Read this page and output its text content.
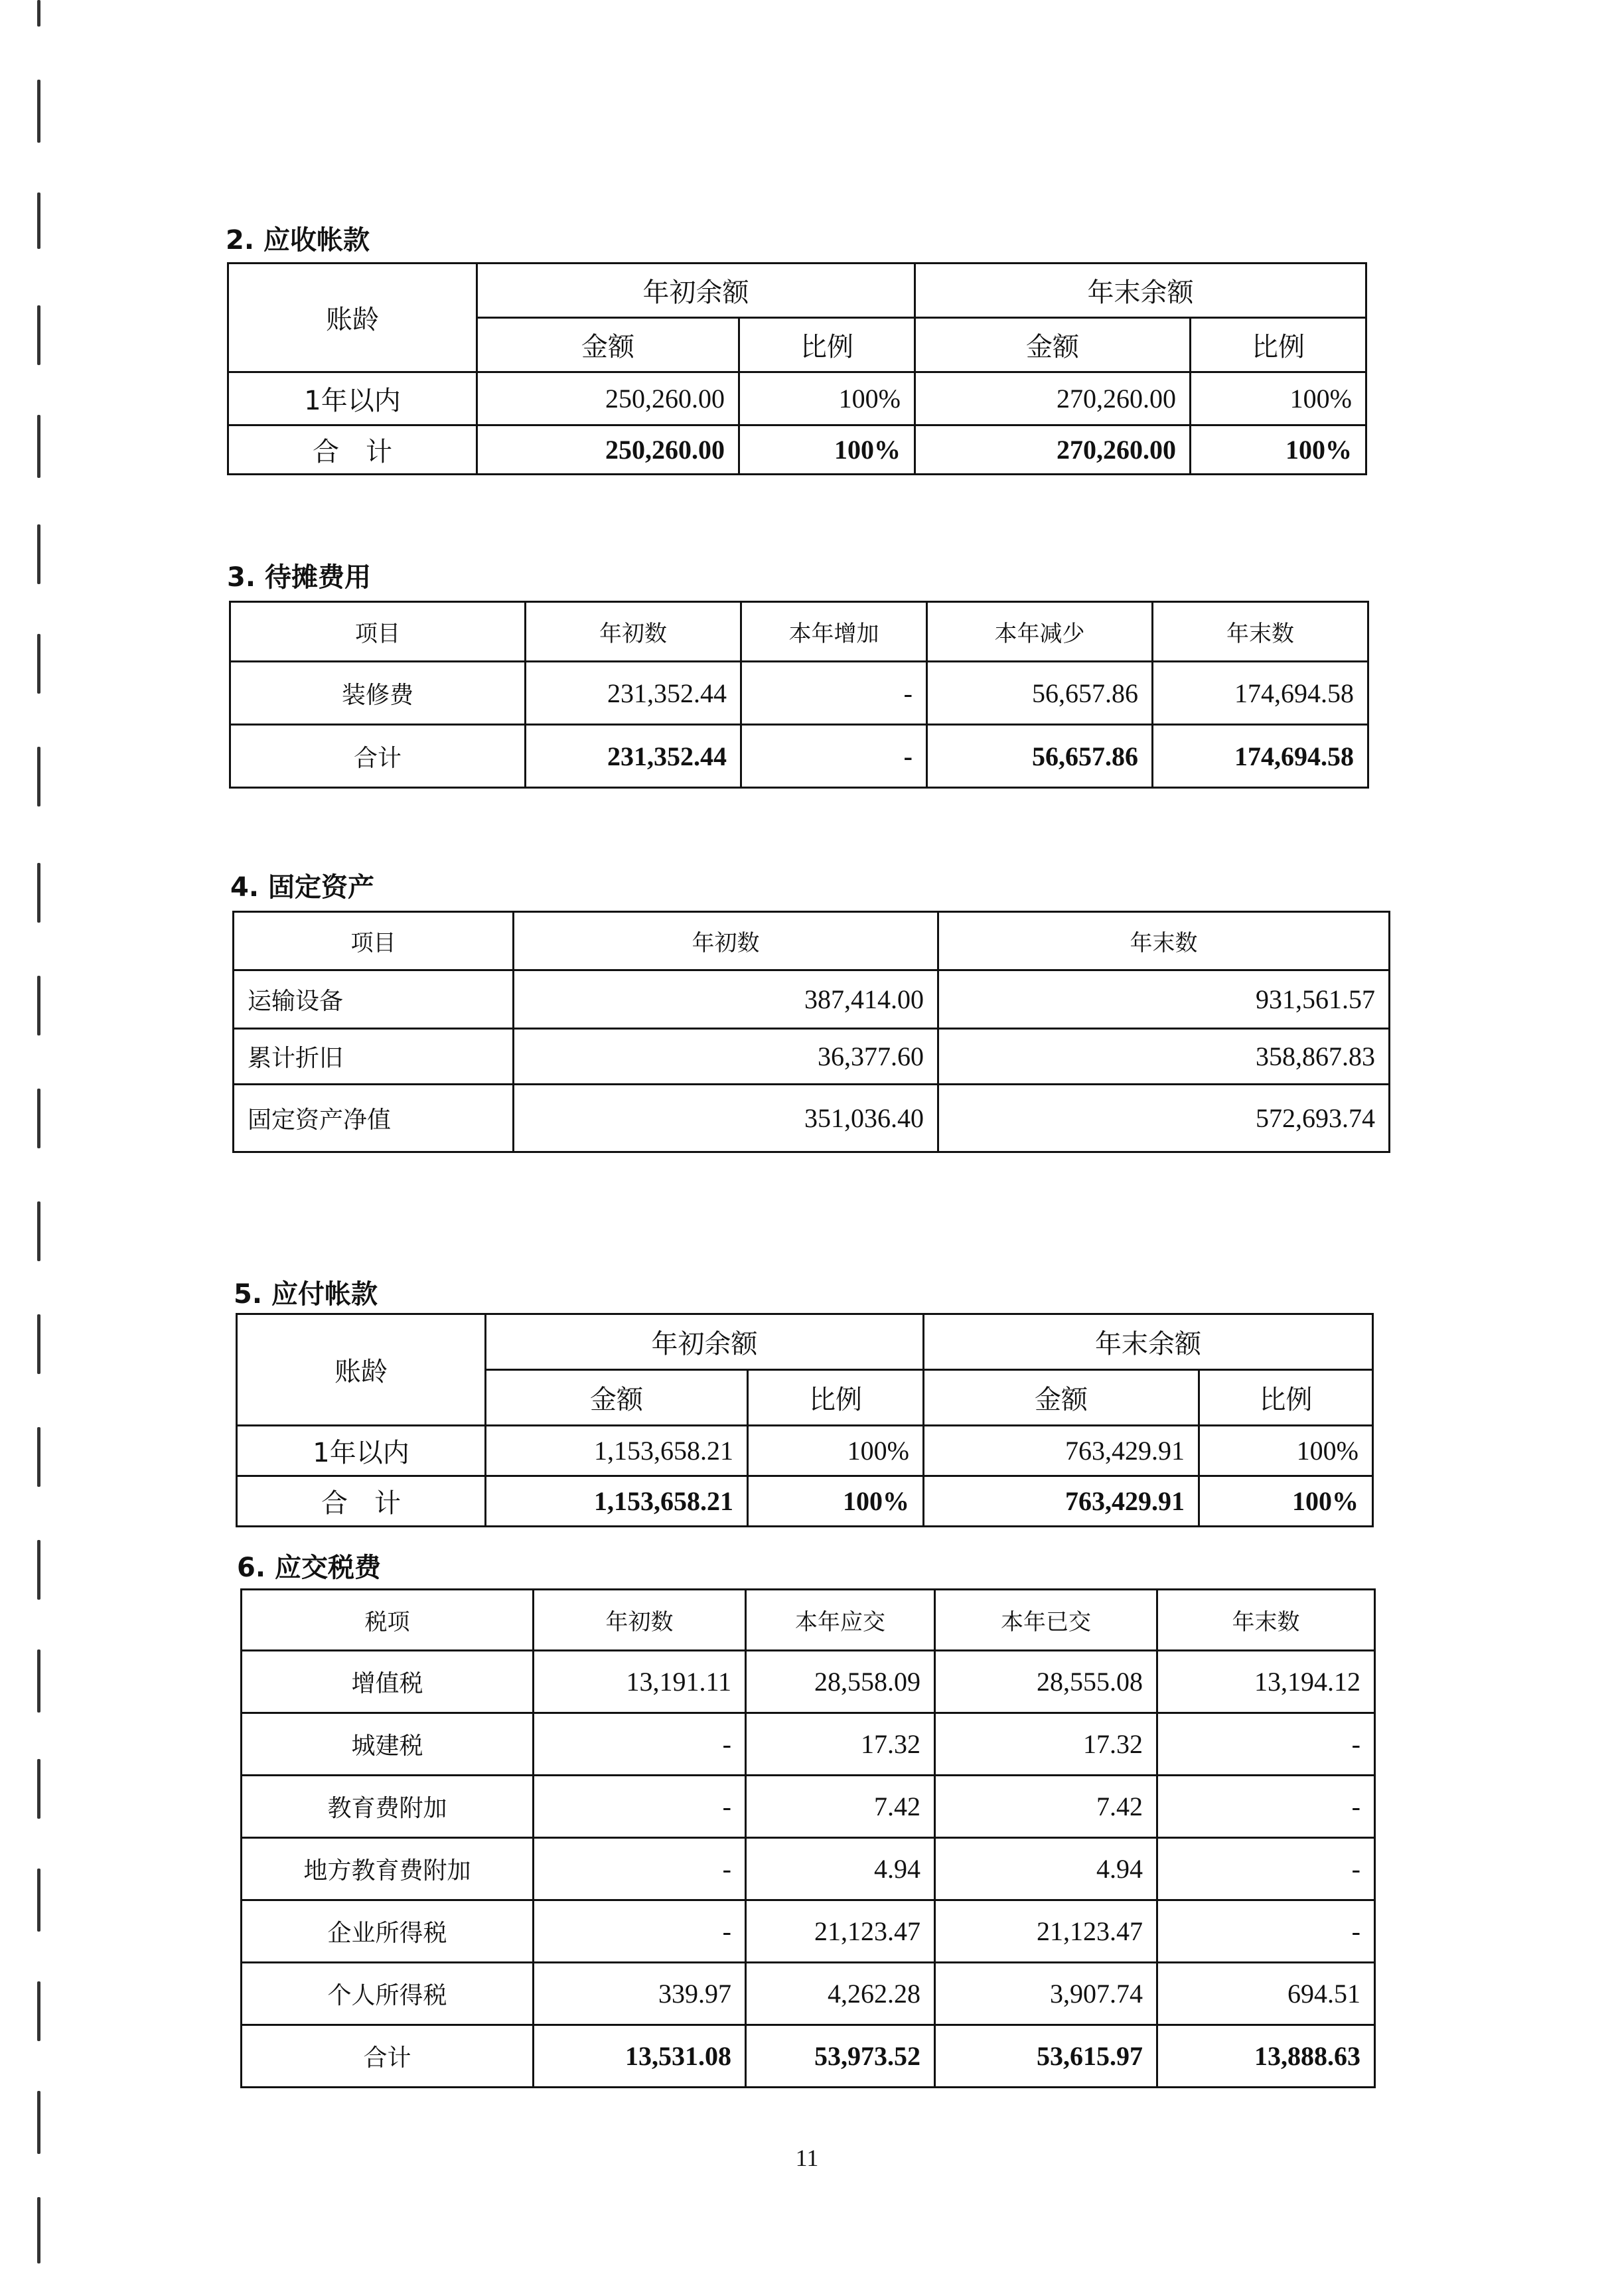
2. 应收帐款
账龄	年初余额		年末余额	
	金额	比例	金额	比例
1年以内	250,260.00	100%	270,260.00	100%
合　计	250,260.00	100%	270,260.00	100%
3. 待摊费用
项目	年初数	本年增加	本年减少	年末数
装修费	231,352.44	-	56,657.86	174,694.58
合计	231,352.44	-	56,657.86	174,694.58
4. 固定资产
项目	年初数	年末数
运输设备	387,414.00	931,561.57
累计折旧	36,377.60	358,867.83
固定资产净值	351,036.40	572,693.74
5. 应付帐款
账龄	年初余额		年末余额	
	金额	比例	金额	比例
1年以内	1,153,658.21	100%	763,429.91	100%
合　计	1,153,658.21	100%	763,429.91	100%
6. 应交税费
税项	年初数	本年应交	本年已交	年末数
增值税	13,191.11	28,558.09	28,555.08	13,194.12
城建税	-	17.32	17.32	-
教育费附加	-	7.42	7.42	-
地方教育费附加	-	4.94	4.94	-
企业所得税	-	21,123.47	21,123.47	-
个人所得税	339.97	4,262.28	3,907.74	694.51
合计	13,531.08	53,973.52	53,615.97	13,888.63
11
